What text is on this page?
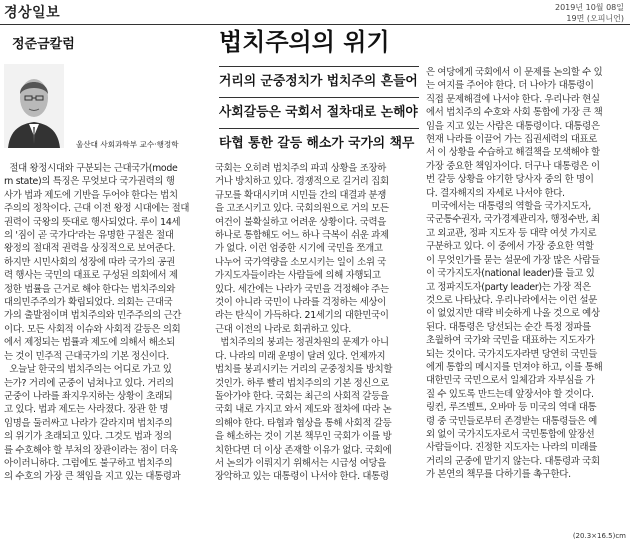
경상일보	2019년 10월 08일
19면 (오피니언)
정준금칼럼	법치주의의 위기
울산대 사회과학부 교수·행정학
거리의 군중정치가 법치주의 흔들어
사회갈등은 국회서 절차대로 논해야
타협 통한 갈등 해소가 국가의 책무

절대 왕정시대와 구분되는 근대국가(mode

rn state)의 특징은 무엇보다 국가권력의 행

사가 법과 제도에 기반을 두어야 한다는 법치

주의의 정착이다. 근대 이전 왕정 시대에는 절대

권력이 국왕의 뜻대로 행사되었다. 루이 14세

의 '짐이 곧 국가다'라는 유명한 구절은 절대

왕정의 절대적 권력을 상징적으로 보여준다.

하지만 시민사회의 성장에 따라 국가의 공권

력 행사는 국민의 대표로 구성된 의회에서 제

정한 법률을 근거로 해야 한다는 법치주의와

대의민주주의가 확립되었다. 의회는 근대국

가의 출발점이며 법치주의와 민주주의의 근간

이다. 모든 사회적 이슈와 사회적 갈등은 의회

에서 제정되는 법률과 제도에 의해서 해소되

는 것이 민주적 근대국가의 기본 정신이다.

오늘날 한국의 법치주의는 어디로 가고 있

는가? 거리에 군중이 넘쳐나고 있다. 거리의

군중이 나라를 좌지우지하는 상황이 초래되

고 있다. 법과 제도는 사라졌다. 장관 한 명

임명을 둘러싸고 나라가 갈라지며 법치주의

의 위기가 초래되고 있다. 그것도 법과 정의

를 수호해야 할 부처의 장관이라는 점이 더욱

아이러니하다. 그럼에도 불구하고 법치주의

의 수호의 가장 큰 책임을 지고 있는 대통령과

국회는 오히려 법치주의 파괴 상황을 조장하

거나 방치하고 있다. 경쟁적으로 길거리 집회

규모를 확대시키며 시민들 간의 대결과 분쟁

을 고조시키고 있다. 국회의원으로 거의 모든

여건이 불확실하고 어려운 상황이다. 국력을

하나로 통합해도 어느 하나 극복이 쉬운 과제

가 없다. 이런 엄중한 시기에 국민을 쪼개고

나누어 국가역량을 소모시키는 일이 소위 국

가지도자들이라는 사람들에 의해 자행되고

있다. 세간에는 나라가 국민을 걱정해야 주는

것이 아니라 국민이 나라를 걱정하는 세상이

라는 탄식이 가득하다. 21세기의 대한민국이

근대 이전의 나라로 회귀하고 있다.

법치주의의 붕괴는 정권차원의 문제가 아니

다. 나라의 미래 운명이 달려 있다. 언제까지

법치를 붕괴시키는 거리의 군중정치를 방치할

것인가. 하루 빨리 법치주의의 기본 정신으로

돌아가야 한다. 국회는 최근의 사회적 갈등을

국회 내로 가지고 와서 제도와 절차에 따라 논

의해야 한다. 타협과 협상을 통해 사회적 갈등

을 해소하는 것이 기본 책무인 국회가 이를 방

치한다면 더 이상 존재할 이유가 없다. 국회에

서 논의가 이뤄지기 위해서는 시급성 여당을

장악하고 있는 대통령이 나서야 한다. 대통령

은 여당에게 국회에서 이 문제를 논의할 수 있

는 여지를 주어야 한다. 더 나아가 대통령이

직접 문제해결에 나서야 한다. 우리나라 현실

에서 법치주의 수호와 사회 통합에 가장 큰 책

임을 지고 있는 사람은 대통령이다. 대통령은

현재 나라를 이끌어 가는 집권세력의 대표로

서 이 상황을 수습하고 해결책을 모색해야 할

가장 중요한 책임자이다. 더구나 대통령은 이

번 갈등 상황을 야기한 당사자 중의 한 명이

다. 결자해지의 자세로 나서야 한다.

미국에서는 대통령의 역할을 국가지도자,

국군통수권자, 국가경제관리자, 행정수반, 최

고 외교관, 정파 지도자 등 대략 여섯 가지로

구분하고 있다. 이 중에서 가장 중요한 역할

이 무엇인가를 묻는 설문에 가장 많은 사람들

이 국가지도자(national leader)를 들고 있

고 정파지도자(party leader)는 가장 적은

것으로 나타났다. 우리나라에서는 이런 설문

이 없었지만 대략 비슷하게 나올 것으로 예상

된다. 대통령은 당선되는 순간 특정 정파를

초월하여 국가와 국민을 대표하는 지도자가

되는 것이다. 국가지도자라면 당연히 국민들

에게 통합의 메시지를 던져야 하고, 이를 통해

대한민국 국민으로서 일체감과 자부심을 가

질 수 있도록 만드는데 앞장서야 할 것이다.

링컨, 루즈벨트, 오바마 등 미국의 역대 대통

령 중 국민들로부터 존경받는 대통령들은 예

외 없이 국가지도자로서 국민통합에 앞장선

사람들이다. 진정한 지도자는 나라의 미래를

거리의 군중에 맡기지 않는다. 대통령과 국회

가 본연의 책무를 다하기를 촉구한다.

(20.3×16.5)cm
